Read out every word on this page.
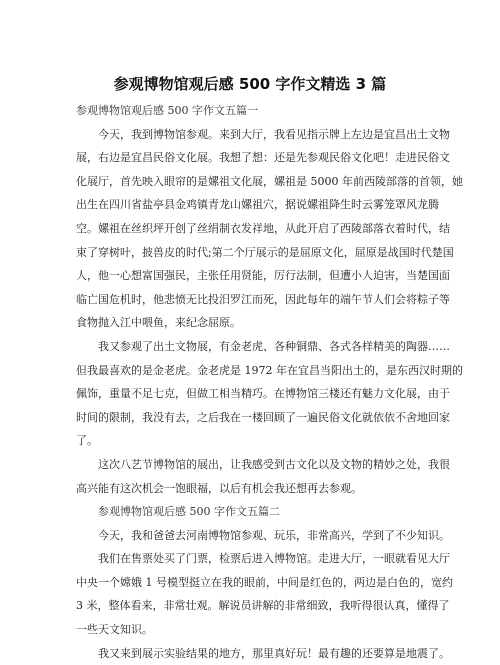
参观博物馆观后感 500 字作文精选 3 篇
参观博物馆观后感 500 字作文五篇一
今天，我到博物馆参观。来到大厅，我看见指示牌上左边是宜昌出土文物
展，右边是宜昌民俗文化展。我想了想：还是先参观民俗文化吧！走进民俗文
化展厅，首先映入眼帘的是嫘祖文化展，嫘祖是 5000 年前西陵部落的首领，她
出生在四川省盐亭县金鸡镇青龙山嫘祖穴，据说嫘祖降生时云雾笼罩风龙腾
空。嫘祖在丝织坪开创了丝绢制衣发祥地，从此开启了西陵部落衣着时代，结
束了穿树叶，披兽皮的时代;第二个厅展示的是屈原文化，屈原是战国时代楚国
人，他一心想富国强民，主张任用贤能，厉行法制，但遭小人迫害，当楚国面
临亡国危机时，他悲愤无比投汨罗江而死，因此每年的端午节人们会将粽子等
食物抛入江中喂鱼，来纪念屈原。
我又参观了出土文物展，有金老虎、各种铜鼎、各式各样精美的陶器……
但我最喜欢的是金老虎。金老虎是 1972 年在宜昌当阳出土的，是东西汉时期的
佩饰，重量不足七克，但做工相当精巧。在博物馆三楼还有魅力文化展，由于
时间的限制，我没有去，之后我在一楼回顾了一遍民俗文化就依依不舍地回家
了。
这次八艺节博物馆的展出，让我感受到古文化以及文物的精妙之处，我很
高兴能有这次机会一饱眼福，以后有机会我还想再去参观。
参观博物馆观后感 500 字作文五篇二
今天，我和爸爸去河南博物馆参观、玩乐，非常高兴，学到了不少知识。
我们在售票处买了门票，检票后进入博物馆。走进大厅，一眼就看见大厅
中央一个嫦娥 1 号模型挺立在我的眼前，中间是红色的，两边是白色的，宽约
3 米，整体看来，非常壮观。解说员讲解的非常细致，我听得很认真，懂得了
一些天文知识。
我又来到展示实验结果的地方，那里真好玩！最有趣的还要算是地震了。
